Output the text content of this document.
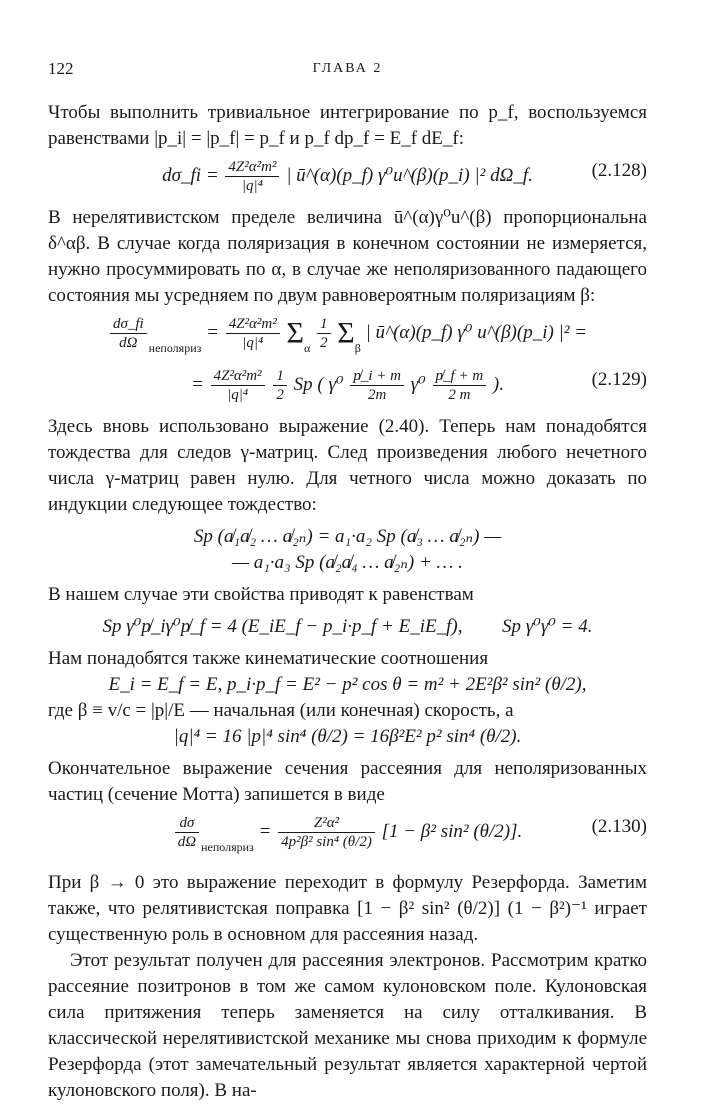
122	ГЛАВА 2

Чтобы выполнить тривиальное интегрирование по p_f, воспользуемся равенствами |p_i| = |p_f| = p_f и p_f dp_f = E_f dE_f:

dσ_fi = $\frac{\text{4Z²α²m²}}{\text{|q|⁴}}$ | ū^(α)(p_f) γ⁰u^(β)(p_i) |² dΩ_f.	(2.128)

В нерелятивистском пределе величина ū^(α)γ⁰u^(β) пропорциональна δ^αβ. В случае когда поляризация в конечном состоянии не измеряется, нужно просуммировать по α, в случае же неполяризованного падающего состояния мы усредняем по двум равновероятным поляризациям β:

$\frac{d\sigma\_fi}{d\Omega} _{неполяриз} = \frac{\text{4Z²α²m²}}{\text{|q|⁴}} \Sigma_\alpha \frac{1}{2} \Sigma_\beta$ | ū^(α)(p_f) γ⁰ u^(β)(p_i) |² =
= $\frac{\text{4Z²α²m²}}{\text{|q|⁴}}$
$\frac{1}{2}$ Sp ( $\gamma^0 \frac{p̸\_i + m}{2m} \gamma^0 \frac{p̸\_f + m}{2 m}$ ).	(2.129)

Здесь вновь использовано выражение (2.40). Теперь нам понадобятся тождества для следов γ-матриц. След произведения любого нечетного числа γ-матриц равен нулю. Для четного числа можно доказать по индукции следующее тождество:

Sp (a̸₁a̸₂ … a̸₂ₙ) = a₁·a₂ Sp (a̸₃ … a̸₂ₙ) —
— a₁·a₃ Sp (a̸₂a̸₄ … a̸₂ₙ) + … .

В нашем случае эти свойства приводят к равенствам

Sp γ⁰p̸_iγ⁰p̸_f = 4 (E_iE_f − p_i·p_f + E_iE_f), Sp γ⁰γ⁰ = 4.

Нам понадобятся также кинематические соотношения

E_i = E_f = E, p_i·p_f = E² − p² cos θ = m² + 2E²β² sin² (θ/2),

где β ≡ v/c = |p|/E — начальная (или конечная) скорость, а

|q|⁴ = 16 |p|⁴ sin⁴ (θ/2) = 16β²E² p² sin⁴ (θ/2).

Окончательное выражение сечения рассеяния для неполяризованных частиц (сечение Мотта) запишется в виде

$\frac{d\sigma}{d\Omega} _{неполяриз} = \frac{\text{Z²α²}}{\text{4p²β² sin⁴ (θ/2)}} [1 - \beta^2$ sin² (θ/2)].	(2.130)

При β → 0 это выражение переходит в формулу Резерфорда. Заметим также, что релятивистская поправка [1 − β² sin² (θ/2)] (1 − β²)⁻¹ играет существенную роль в основном для рассеяния назад.

Этот результат получен для рассеяния электронов. Рассмотрим кратко рассеяние позитронов в том же самом кулоновском поле. Кулоновская сила притяжения теперь заменяется на силу отталкивания. В классической нерелятивистской механике мы снова приходим к формуле Резерфорда (этот замечательный результат является характерной чертой кулоновского поля). В на-
